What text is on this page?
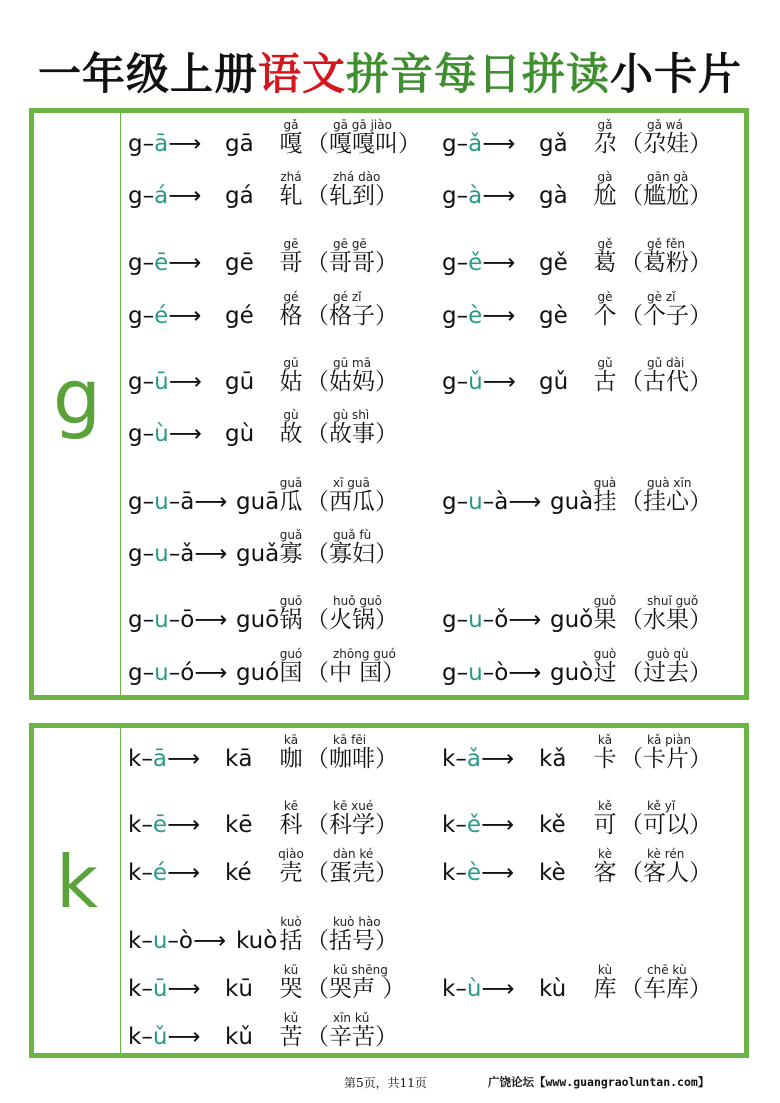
一年级上册语文拼音每日拼读小卡片
g
k
第5页，共11页	广饶论坛【www.guangraoluntan.com】
g–ā⟶ gā 嘎
gǎ
（嘎嘎叫）
gā gā jiào
g–ǎ⟶ gǎ 尕
gǎ
（尕娃）
gǎ wá
g–á⟶ gá 轧
zhá
（轧到）
zhá dào
g–à⟶ gà 尬
gà
（尴尬）
gān gà
g–ē⟶ gē 哥
gē
（哥哥）
gē gē
g–ě⟶ gě 葛
gě
（葛粉）
gě fěn
g–é⟶ gé 格
gé
（格子）
gé zǐ
g–è⟶ gè 个
gè
（个子）
gè zǐ
g–ū⟶ gū 姑
gū
（姑妈）
gū mā
g–ǔ⟶ gǔ 古
gǔ
（古代）
gǔ dài
g–ù⟶ gù 故
gù
（故事）
gù shì
g–u–ā⟶ guā 瓜
guā
（西瓜）
xī guā
g–u–à⟶ guà 挂
guà
（挂心）
guà xīn
g–u–ǎ⟶ guǎ 寡
guǎ
（寡妇）
guǎ fù
g–u–ō⟶ guō 锅
guō
（火锅）
huǒ guō
g–u–ǒ⟶ guǒ 果
guǒ
（水果）
shuǐ guǒ
g–u–ó⟶ guó 国
guó
（中 国）
zhōng guó
g–u–ò⟶ guò 过
guò
（过去）
guò qù
k–ā⟶ kā 咖
kā
（咖啡）
kā fēi
k–ǎ⟶ kǎ 卡
kǎ
（卡片）
kǎ piàn
k–ē⟶ kē 科
kē
（科学）
kē xué
k–ě⟶ kě 可
kě
（可以）
kě yǐ
k–é⟶ ké 壳
qiào
（蛋壳）
dàn ké
k–è⟶ kè 客
kè
（客人）
kè rén
k–u–ò⟶ kuò 括
kuò
（括号）
kuò hào
k–ū⟶ kū 哭
kū
（哭声 ）
kū shēng
k–ù⟶ kù 库
kù
（车库）
chē kù
k–ǔ⟶ kǔ 苦
kǔ
（辛苦）
xīn kǔ
